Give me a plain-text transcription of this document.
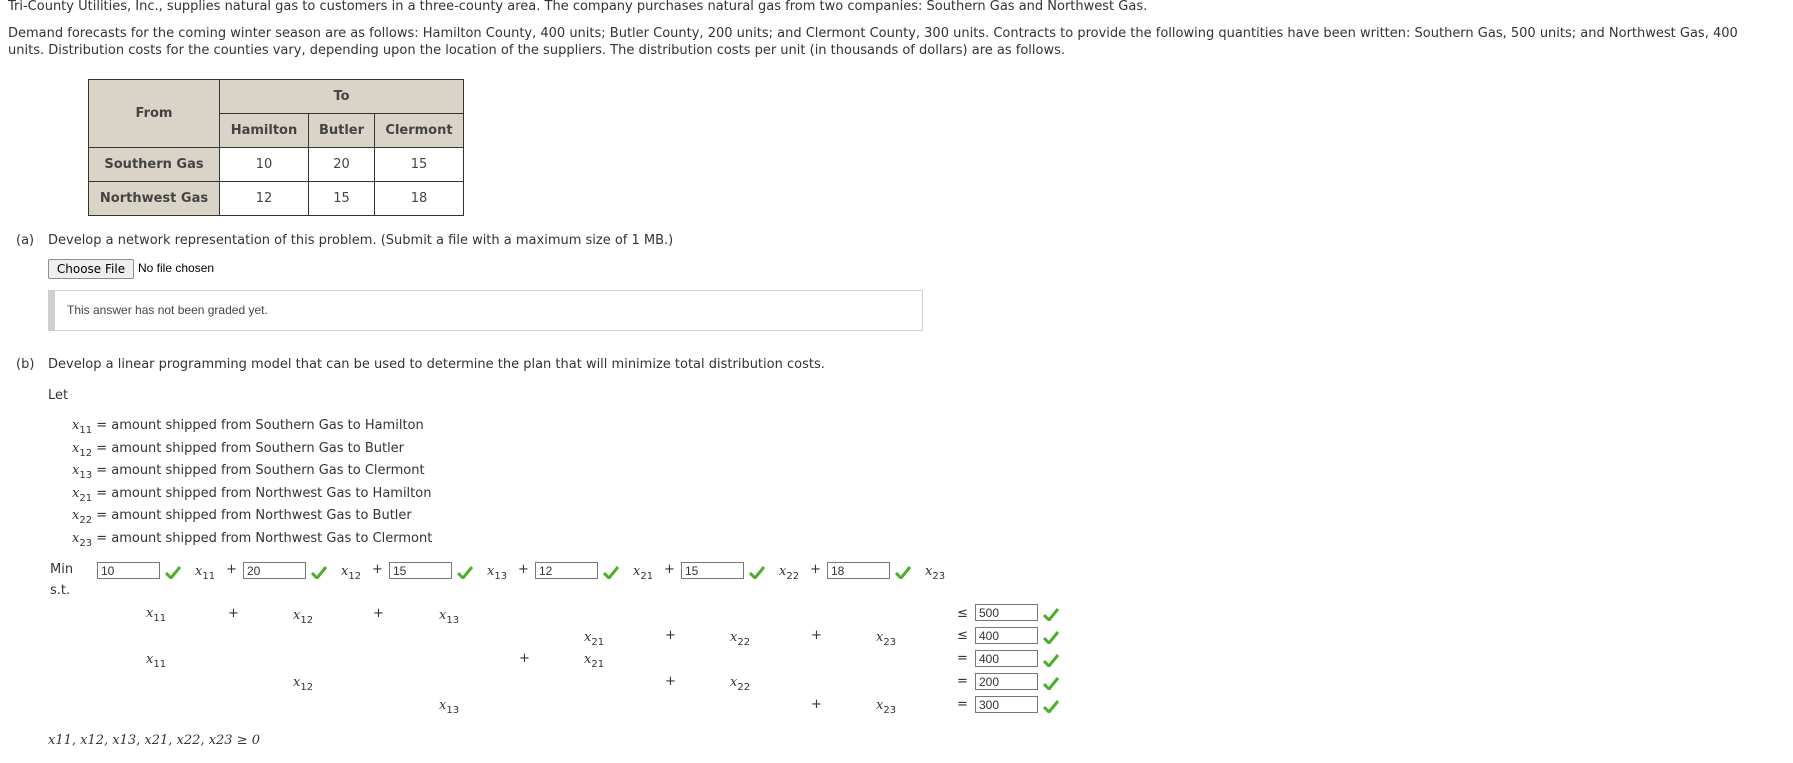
Tri-County Utilities, Inc., supplies natural gas to customers in a three-county area. The company purchases natural gas from two companies: Southern Gas and Northwest Gas.

Demand forecasts for the coming winter season are as follows: Hamilton County, 400 units; Butler County, 200 units; and Clermont County, 300 units. Contracts to provide the following quantities have been written: Southern Gas, 500 units; and Northwest Gas, 400

units. Distribution costs for the counties vary, depending upon the location of the suppliers. The distribution costs per unit (in thousands of dollars) are as follows.

From	To		
	Hamilton	Butler	Clermont
Southern Gas	10	20	15
Northwest Gas	12	15	18
(a) Develop a network representation of this problem. (Submit a file with a maximum size of 1 MB.)
Choose File	No file chosen
This answer has not been graded yet.
(b) Develop a linear programming model that can be used to determine the plan that will minimize total distribution costs.
Let
$x_{11}$ = amount shipped from Southern Gas to Hamilton
$x_{12}$ = amount shipped from Southern Gas to Butler
$x_{13}$ = amount shipped from Southern Gas to Clermont
$x_{21}$ = amount shipped from Northwest Gas to Hamilton
$x_{22}$ = amount shipped from Northwest Gas to Butler
$x_{23}$ = amount shipped from Northwest Gas to Clermont
Min
s.t.
10
$x_{11}$ +
20	$x_{12}$ +
15	$x_{13}$ +
12	$x_{21}$ +
15	$x_{22}$ +
18	$x_{23}$
$x_{11}$	+	$x_{12}$	+	$x_{13}$	≤
500
$x_{21}$	+	$x_{22}$	+	$x_{23}$	≤
400
$x_{11}$	+	$x_{21}$	=
400
$x_{12}$	+	$x_{22}$	=
200
$x_{13}$	+	$x_{23}$	=
300
x11, x12, x13, x21, x22, x23 ≥ 0
